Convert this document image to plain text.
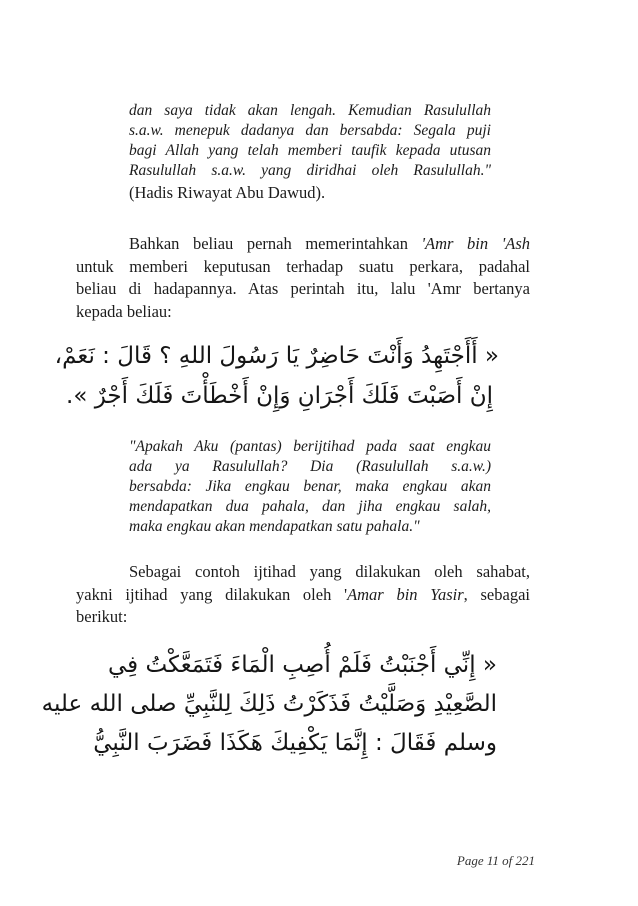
dan saya tidak akan lengah. Kemudian Rasulullah
s.a.w. menepuk dadanya dan bersabda: Segala puji
bagi Allah yang telah memberi taufik kepada utusan
Rasulullah s.a.w. yang diridhai oleh Rasulullah."
(Hadis Riwayat Abu Dawud).
Bahkan beliau pernah memerintahkan 'Amr bin 'Ash
untuk memberi keputusan terhadap suatu perkara, padahal
beliau di hadapannya. Atas perintah itu, lalu 'Amr bertanya
kepada beliau:
« أَأَجْتَهِدُ وَأَنْتَ حَاضِرٌ يَا رَسُولَ اللهِ ؟ قَالَ : نَعَمْ،
إِنْ أَصَبْتَ فَلَكَ أَجْرَانِ وَإِنْ أَخْطَأْتَ فَلَكَ أَجْرٌ ».
"Apakah Aku (pantas) berijtihad pada saat engkau
ada ya Rasulullah? Dia (Rasulullah s.a.w.)
bersabda: Jika engkau benar, maka engkau akan
mendapatkan dua pahala, dan jiha engkau salah,
maka engkau akan mendapatkan satu pahala."
Sebagai contoh ijtihad yang dilakukan oleh sahabat,
yakni ijtihad yang dilakukan oleh 'Amar bin Yasir, sebagai
berikut:
« إِنِّي أَجْنَبْتُ فَلَمْ أُصِبِ الْمَاءَ فَتَمَعَّكْتُ فِي
الصَّعِيْدِ وَصَلَّيْتُ فَذَكَرْتُ ذَلِكَ لِلنَّبِيِّ صلى الله عليه
وسلم فَقَالَ : إِنَّمَا يَكْفِيكَ هَكَذَا فَضَرَبَ النَّبِيُّ
Page 11 of 221
